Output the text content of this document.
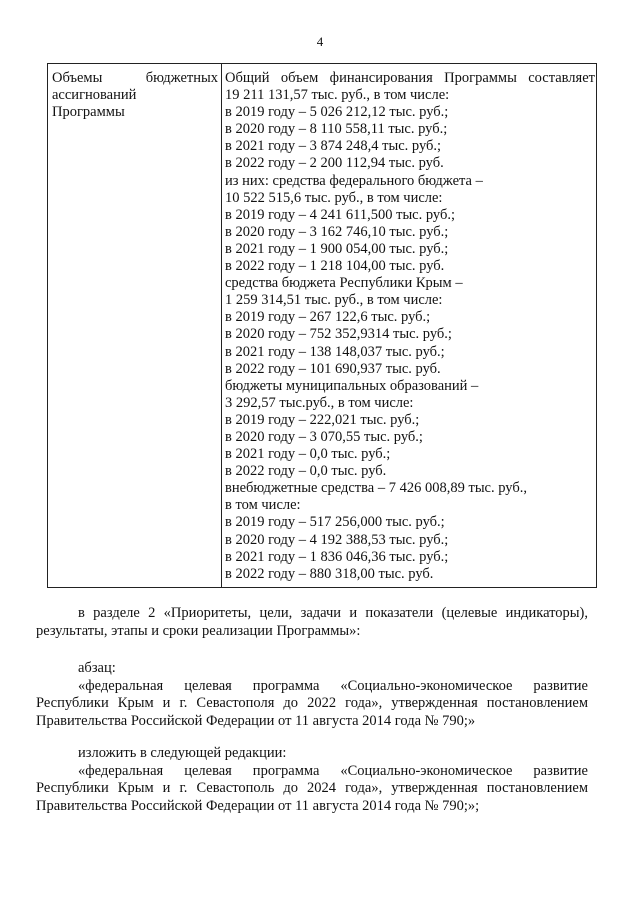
4
Объемы	бюджетных
ассигнований
Программы
Общий объем финансирования Программы составляет
19 211 131,57 тыс. руб., в том числе:
в 2019 году – 5 026 212,12 тыс. руб.;
в 2020 году – 8 110 558,11 тыс. руб.;
в 2021 году – 3 874 248,4 тыс. руб.;
в 2022 году – 2 200 112,94 тыс. руб.
из них: средства федерального бюджета –
10 522 515,6 тыс. руб., в том числе:
в 2019 году – 4 241 611,500 тыс. руб.;
в 2020 году – 3 162 746,10 тыс. руб.;
в 2021 году – 1 900 054,00 тыс. руб.;
в 2022 году – 1 218 104,00 тыс. руб.
средства бюджета Республики Крым –
1 259 314,51 тыс. руб., в том числе:
в 2019 году – 267 122,6 тыс. руб.;
в 2020 году – 752 352,9314 тыс. руб.;
в 2021 году – 138 148,037 тыс. руб.;
в 2022 году – 101 690,937 тыс. руб.
бюджеты муниципальных образований –
3 292,57 тыс.руб., в том числе:
в 2019 году – 222,021 тыс. руб.;
в 2020 году – 3 070,55 тыс. руб.;
в 2021 году – 0,0 тыс. руб.;
в 2022 году – 0,0 тыс. руб.
внебюджетные средства – 7 426 008,89 тыс. руб.,
в том числе:
в 2019 году – 517 256,000 тыс. руб.;
в 2020 году – 4 192 388,53 тыс. руб.;
в 2021 году – 1 836 046,36 тыс. руб.;
в 2022 году – 880 318,00 тыс. руб.
в разделе 2 «Приоритеты, цели, задачи и показатели (целевые индикаторы),
результаты, этапы и сроки реализации Программы»:
абзац:
«федеральная целевая программа «Социально-экономическое развитие
Республики Крым и г. Севастополя до 2022 года», утвержденная постановлением
Правительства Российской Федерации от 11 августа 2014 года № 790;»
изложить в следующей редакции:
«федеральная целевая программа «Социально-экономическое развитие
Республики Крым и г. Севастополь до 2024 года», утвержденная постановлением
Правительства Российской Федерации от 11 августа 2014 года № 790;»;
